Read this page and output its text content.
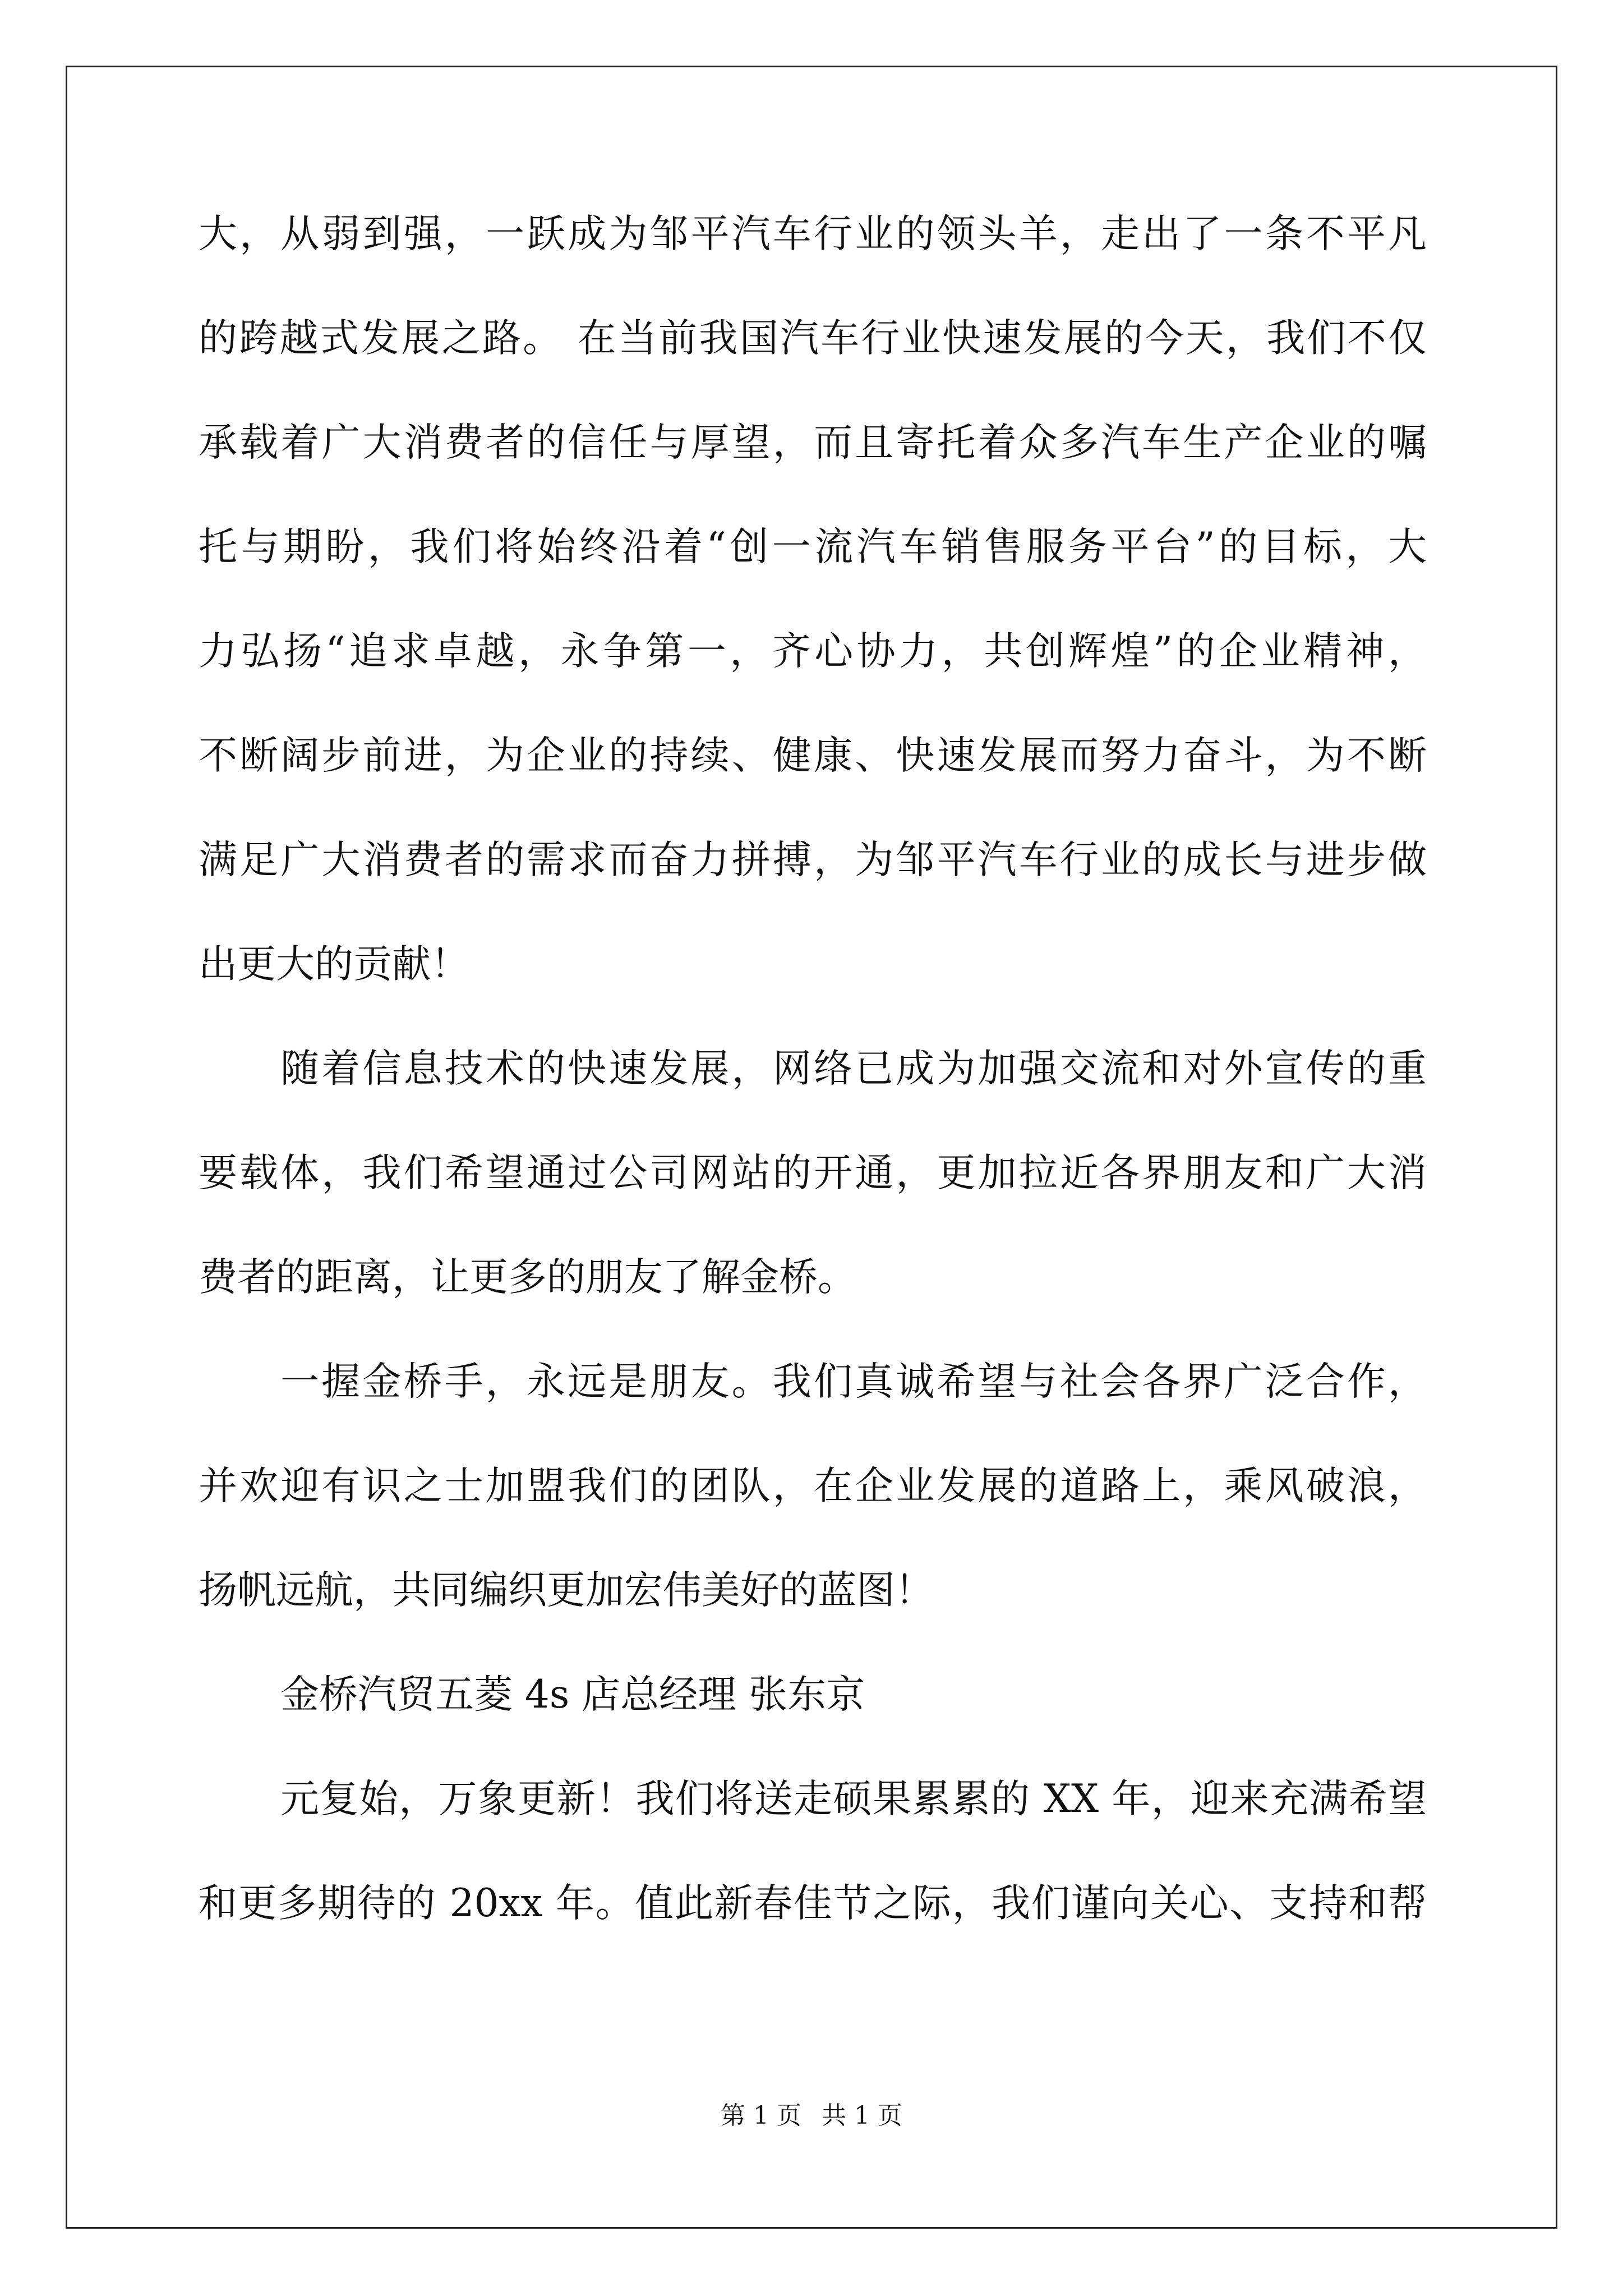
大，从弱到强，一跃成为邹平汽车行业的领头羊，走出了一条不平凡
的跨越式发展之路。 在当前我国汽车行业快速发展的今天，我们不仅
承载着广大消费者的信任与厚望，而且寄托着众多汽车生产企业的嘱
托与期盼，我们将始终沿着“创一流汽车销售服务平台”的目标，大
力弘扬“追求卓越，永争第一，齐心协力，共创辉煌”的企业精神，
不断阔步前进，为企业的持续、健康、快速发展而努力奋斗，为不断
满足广大消费者的需求而奋力拼搏，为邹平汽车行业的成长与进步做
出更大的贡献！
随着信息技术的快速发展，网络已成为加强交流和对外宣传的重
要载体，我们希望通过公司网站的开通，更加拉近各界朋友和广大消
费者的距离，让更多的朋友了解金桥。
一握金桥手，永远是朋友。我们真诚希望与社会各界广泛合作，
并欢迎有识之士加盟我们的团队，在企业发展的道路上，乘风破浪，
扬帆远航，共同编织更加宏伟美好的蓝图！
金桥汽贸五菱 4s 店总经理 张东京
元复始，万象更新！我们将送走硕果累累的 XX 年，迎来充满希望
和更多期待的 20xx 年。值此新春佳节之际，我们谨向关心、支持和帮
第 1 页 共 1 页
